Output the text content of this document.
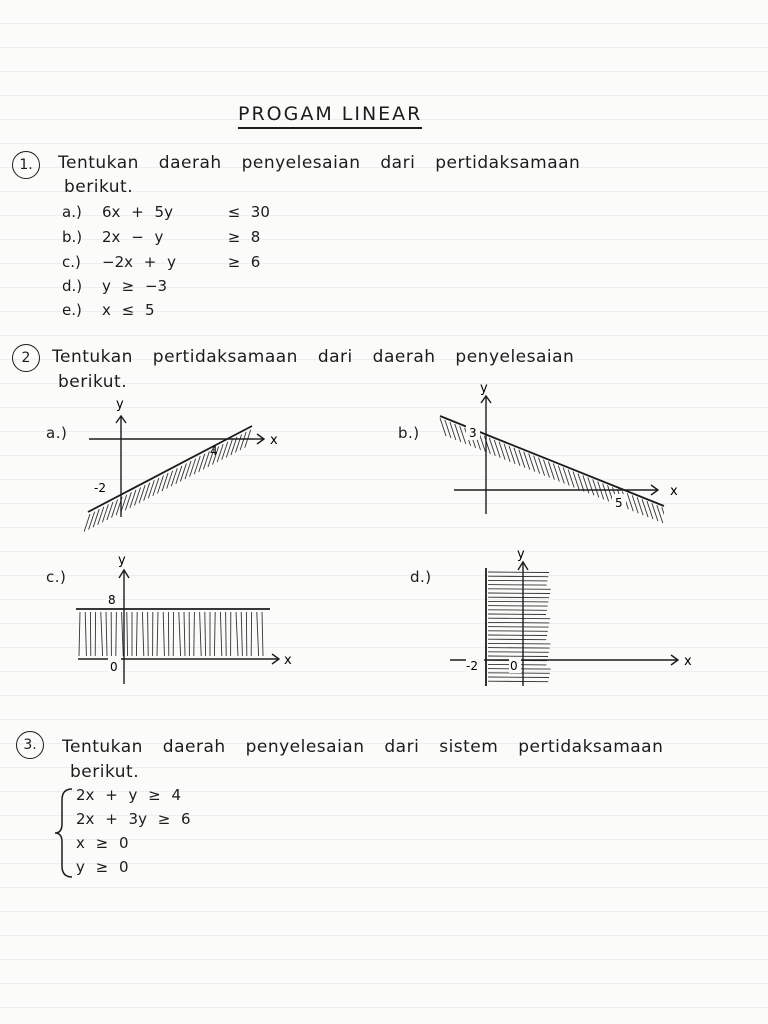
PROGAM LINEAR
1.	Tentukan daerah penyelesaian dari pertidaksamaan
berikut.
a.) 6x + 5y	≤ 30
b.) 2x − y	≥ 8
c.) −2x + y	≥ 6
d.) y ≥ −3
e.) x ≤ 5
2	Tentukan pertidaksamaan dari daerah penyelesaian
berikut.
a.)	x
y
4
-2
b.)	3
5
x
y
c.)
8
0	x
y
d.)
-2	0	x
y
3.	Tentukan daerah penyelesaian dari sistem pertidaksamaan
berikut.
2x + y ≥ 4
2x + 3y ≥ 6
x ≥ 0
y ≥ 0
